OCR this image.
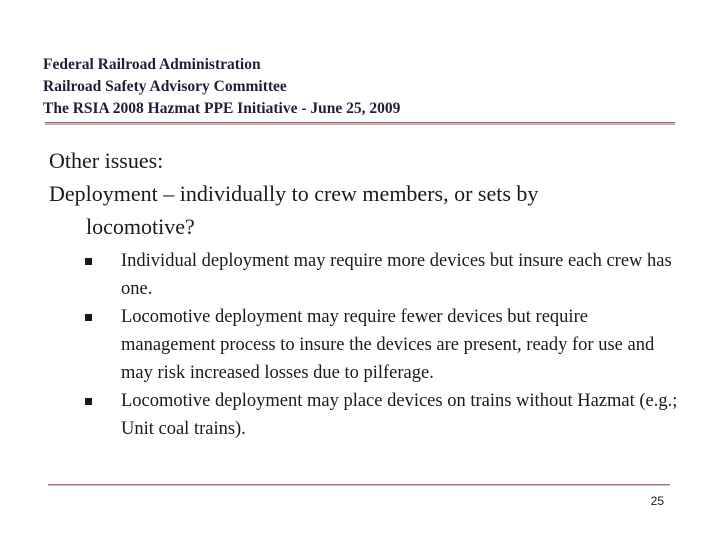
Federal Railroad Administration
Railroad Safety Advisory Committee
The RSIA 2008 Hazmat PPE Initiative - June 25, 2009

Other issues:

Deployment – individually to crew members, or sets by

locomotive?

Individual deployment may require more devices but insure each crew has one.
Locomotive deployment may require fewer devices but require management process to insure the devices are present, ready for use and may risk increased losses due to pilferage.
Locomotive deployment may place devices on trains without Hazmat (e.g.; Unit coal trains).
25
